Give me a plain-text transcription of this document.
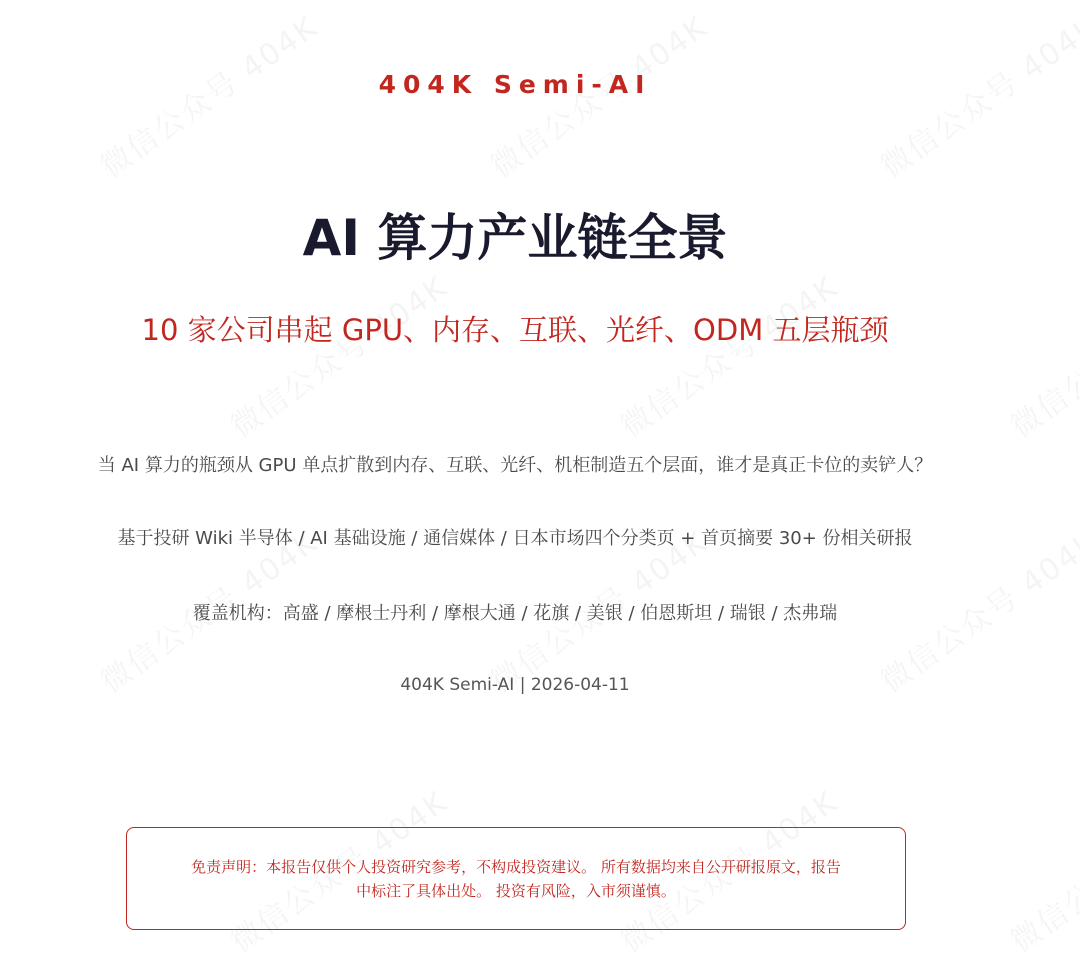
404K Semi-AI
AI 算力产业链全景
10 家公司串起 GPU、内存、互联、光纤、ODM 五层瓶颈
当 AI 算力的瓶颈从 GPU 单点扩散到内存、互联、光纤、机柜制造五个层面，谁才是真正卡位的卖铲人？
基于投研 Wiki 半导体 / AI 基础设施 / 通信媒体 / 日本市场四个分类页 + 首页摘要 30+ 份相关研报
覆盖机构：高盛 / 摩根士丹利 / 摩根大通 / 花旗 / 美银 / 伯恩斯坦 / 瑞银 / 杰弗瑞
404K Semi-AI | 2026-04-11
免责声明：本报告仅供个人投资研究参考，不构成投资建议。 所有数据均来自公开研报原文，报告中标注了具体出处。 投资有风险，入市须谨慎。
